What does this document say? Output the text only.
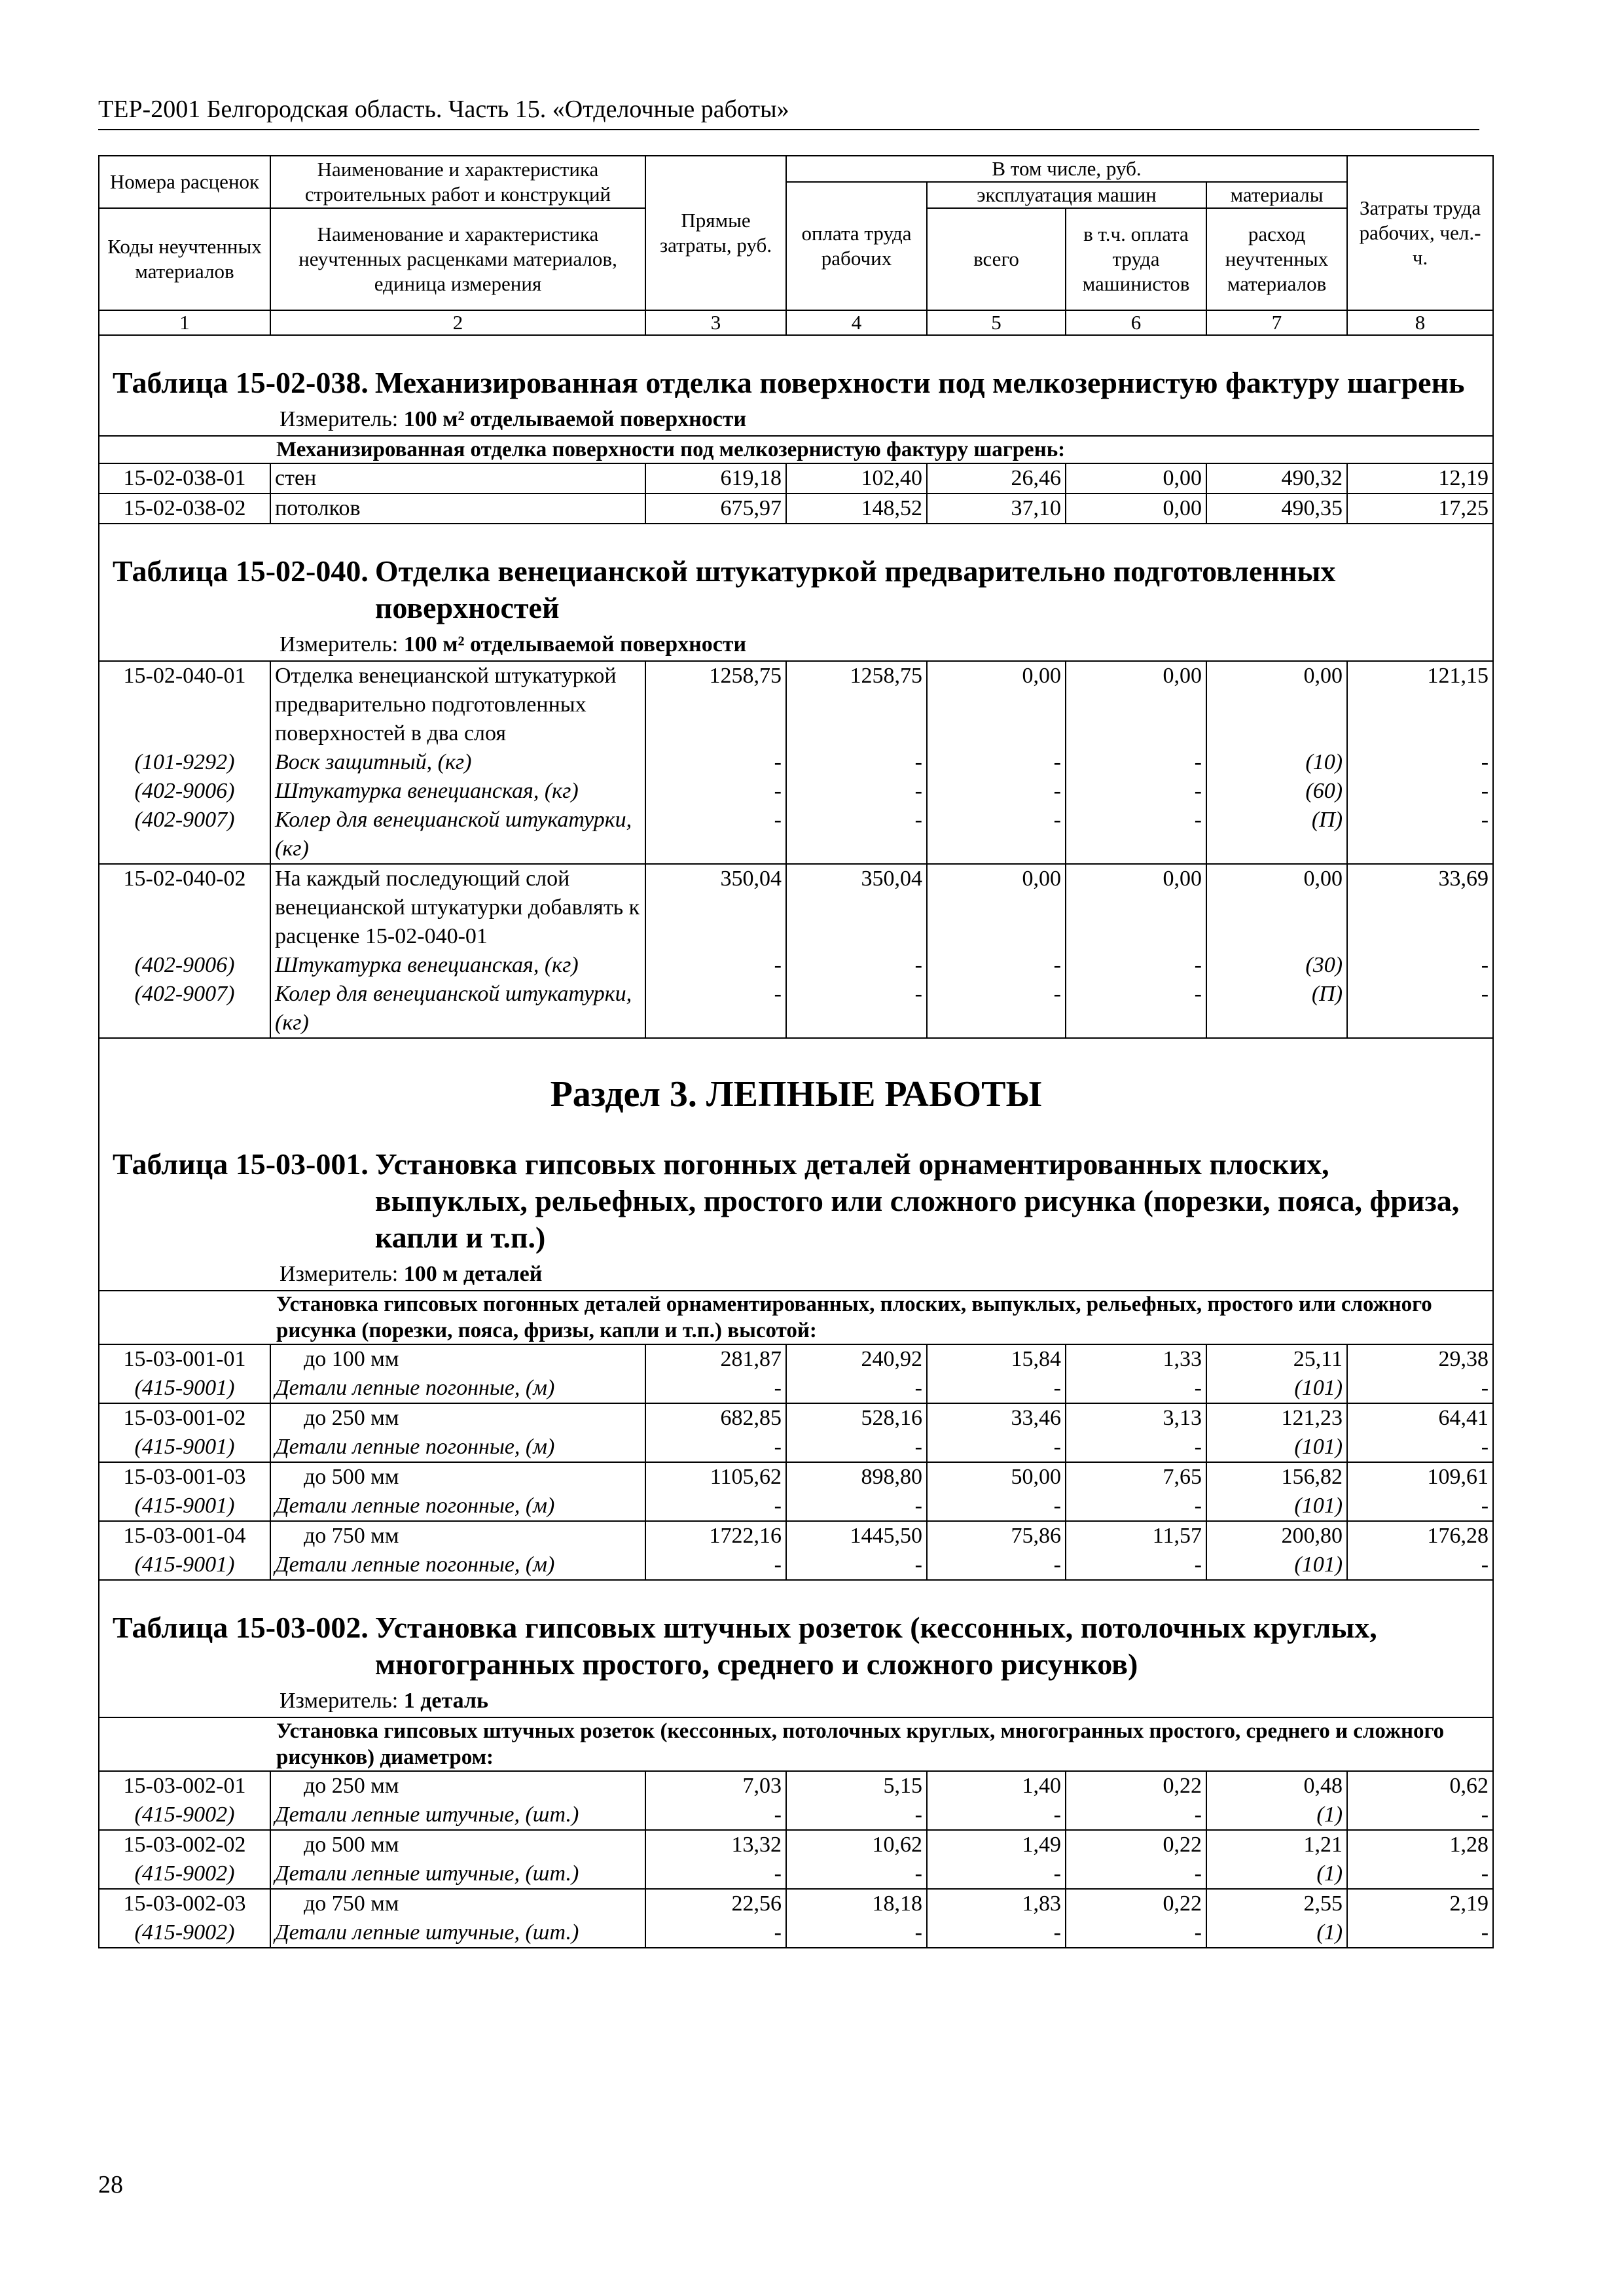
ТЕР-2001 Белгородская область. Часть 15. «Отделочные работы»
Номера расценок	Наименование и характеристика строительных работ и конструкций	Прямые затраты, руб.	В том числе, руб.				Затраты труда рабочих, чел.-ч.
			оплата труда рабочих	эксплуатация машин		материалы	
Коды неучтенных материалов	Наименование и характеристика неучтенных расценками материалов, единица измерения			всего	в т.ч. оплата труда машинистов	расход неучтенных материалов	

1	2	3	4	5	6	7	8

Таблица 15-02-038. Механизированная отделка поверхности под мелкозернистую фактуру шагрень
Измеритель: 100 м² отделываемой поверхности							

Механизированная отделка поверхности под мелкозернистую фактуру шагрень:							
15-02-038-01	стен	619,18	102,40	26,46	0,00	490,32	12,19
15-02-038-02	потолков	675,97	148,52	37,10	0,00	490,35	17,25

Таблица 15-02-040. Отделка венецианской штукатуркой предварительно подготовленных поверхностей
Измеритель: 100 м² отделываемой поверхности							

15-02-040-01	Отделка венецианской штукатуркой предварительно подготовленных поверхностей в два слоя	1258,75	1258,75	0,00	0,00	0,00	121,15
(101-9292)	Воск защитный, (кг)	-	-	-	-	(10)	-
(402-9006)	Штукатурка венецианская, (кг)	-	-	-	-	(60)	-
(402-9007)	Колер для венецианской штукатурки, (кг)	-	-	-	-	(П)	-
15-02-040-02	На каждый последующий слой венецианской штукатурки добавлять к расценке 15-02-040-01	350,04	350,04	0,00	0,00	0,00	33,69
(402-9006)	Штукатурка венецианская, (кг)	-	-	-	-	(30)	-
(402-9007)	Колер для венецианской штукатурки, (кг)	-	-	-	-	(П)	-

Раздел 3. ЛЕПНЫЕ РАБОТЫ
Таблица 15-03-001. Установка гипсовых погонных деталей орнаментированных плоских, выпуклых, рельефных, простого или сложного рисунка (порезки, пояса, фриза, капли и т.п.)
Измеритель: 100 м деталей							

Установка гипсовых погонных деталей орнаментированных, плоских, выпуклых, рельефных, простого или сложного рисунка (порезки, пояса, фризы, капли и т.п.) высотой:							
15-03-001-01	до 100 мм	281,87	240,92	15,84	1,33	25,11	29,38
(415-9001)	Детали лепные погонные, (м)	-	-	-	-	(101)	-
15-03-001-02	до 250 мм	682,85	528,16	33,46	3,13	121,23	64,41
(415-9001)	Детали лепные погонные, (м)	-	-	-	-	(101)	-
15-03-001-03	до 500 мм	1105,62	898,80	50,00	7,65	156,82	109,61
(415-9001)	Детали лепные погонные, (м)	-	-	-	-	(101)	-
15-03-001-04	до 750 мм	1722,16	1445,50	75,86	11,57	200,80	176,28
(415-9001)	Детали лепные погонные, (м)	-	-	-	-	(101)	-

Таблица 15-03-002. Установка гипсовых штучных розеток (кессонных, потолочных круглых, многогранных простого, среднего и сложного рисунков)
Измеритель: 1 деталь							

Установка гипсовых штучных розеток (кессонных, потолочных круглых, многогранных простого, среднего и сложного рисунков) диаметром:							
15-03-002-01	до 250 мм	7,03	5,15	1,40	0,22	0,48	0,62
(415-9002)	Детали лепные штучные, (шт.)	-	-	-	-	(1)	-
15-03-002-02	до 500 мм	13,32	10,62	1,49	0,22	1,21	1,28
(415-9002)	Детали лепные штучные, (шт.)	-	-	-	-	(1)	-
15-03-002-03	до 750 мм	22,56	18,18	1,83	0,22	2,55	2,19
(415-9002)	Детали лепные штучные, (шт.)	-	-	-	-	(1)	-
28
